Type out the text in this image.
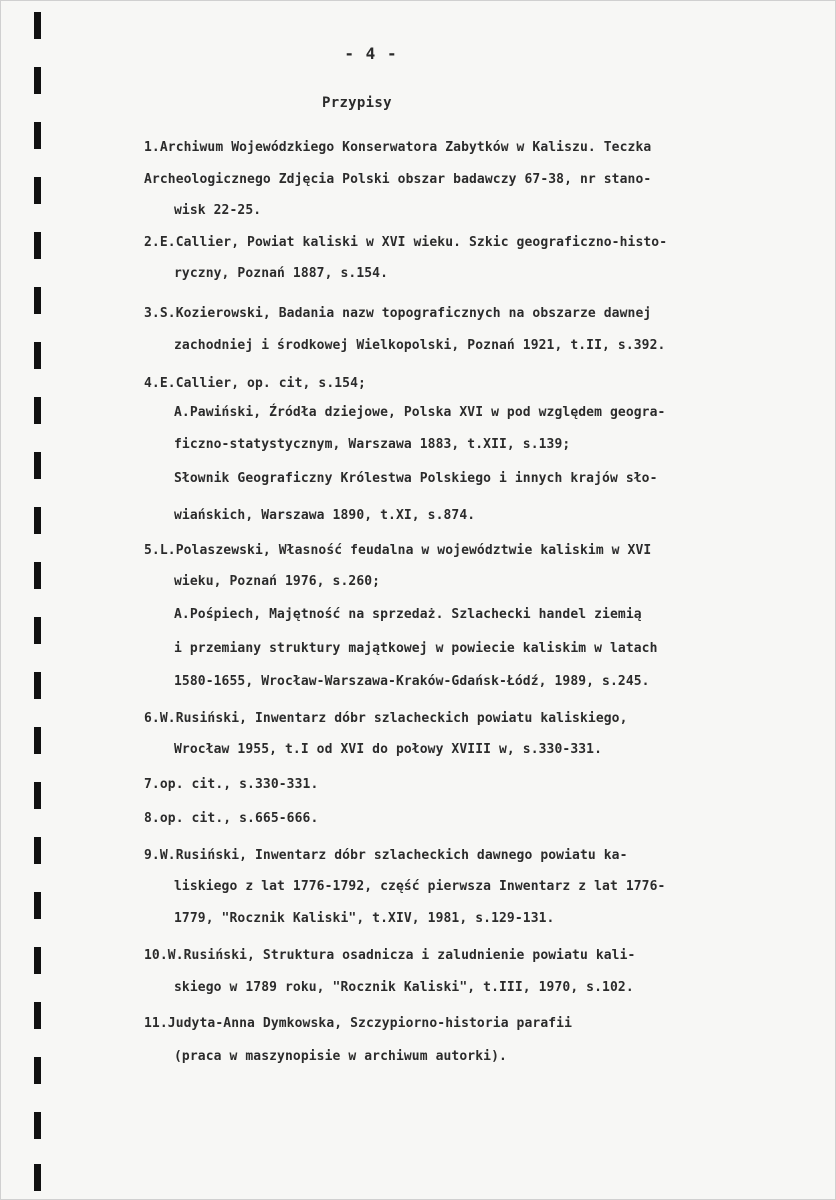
- 4 -
Przypisy
1.Archiwum Wojewódzkiego Konserwatora Zabytków w Kaliszu. Teczka
Archeologicznego Zdjęcia Polski obszar badawczy 67-38, nr stano-
wisk 22-25.
2.E.Callier, Powiat kaliski w XVI wieku. Szkic geograficzno-histo-
ryczny, Poznań 1887, s.154.
3.S.Kozierowski, Badania nazw topograficznych na obszarze dawnej
zachodniej i środkowej Wielkopolski, Poznań 1921, t.II, s.392.
4.E.Callier, op. cit, s.154;
A.Pawiński, Źródła dziejowe, Polska XVI w pod względem geogra-
ficzno-statystycznym, Warszawa 1883, t.XII, s.139;
Słownik Geograficzny Królestwa Polskiego i innych krajów sło-
wiańskich, Warszawa 1890, t.XI, s.874.
5.L.Polaszewski, Własność feudalna w województwie kaliskim w XVI
wieku, Poznań 1976, s.260;
A.Pośpiech, Majętność na sprzedaż. Szlachecki handel ziemią
i przemiany struktury majątkowej w powiecie kaliskim w latach
1580-1655, Wrocław-Warszawa-Kraków-Gdańsk-Łódź, 1989, s.245.
6.W.Rusiński, Inwentarz dóbr szlacheckich powiatu kaliskiego,
Wrocław 1955, t.I od XVI do połowy XVIII w, s.330-331.
7.op. cit., s.330-331.
8.op. cit., s.665-666.
9.W.Rusiński, Inwentarz dóbr szlacheckich dawnego powiatu ka-
liskiego z lat 1776-1792, część pierwsza Inwentarz z lat 1776-
1779, "Rocznik Kaliski", t.XIV, 1981, s.129-131.
10.W.Rusiński, Struktura osadnicza i zaludnienie powiatu kali-
skiego w 1789 roku, "Rocznik Kaliski", t.III, 1970, s.102.
11.Judyta-Anna Dymkowska, Szczypiorno-historia parafii
(praca w maszynopisie w archiwum autorki).
